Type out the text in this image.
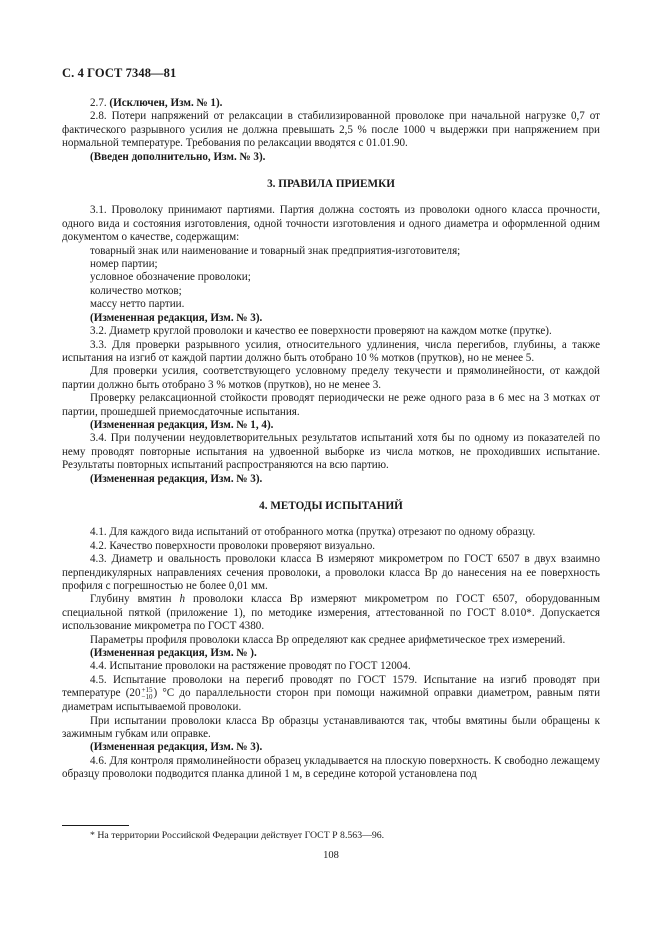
С. 4 ГОСТ 7348—81

2.7. (Исключен, Изм. № 1).

2.8. Потери напряжений от релаксации в стабилизированной проволоке при начальной нагрузке 0,7 от фактического разрывного усилия не должна превышать 2,5 % после 1000 ч выдержки при напряжением при нормальной температуре. Требования по релаксации вводятся с 01.01.90.

(Введен дополнительно, Изм. № 3).

3. ПРАВИЛА ПРИЕМКИ

3.1. Проволоку принимают партиями. Партия должна состоять из проволоки одного класса прочности, одного вида и состояния изготовления, одной точности изготовления и одного диаметра и оформленной одним документом о качестве, содержащим:

товарный знак или наименование и товарный знак предприятия-изготовителя;

номер партии;

условное обозначение проволоки;

количество мотков;

массу нетто партии.

(Измененная редакция, Изм. № 3).

3.2. Диаметр круглой проволоки и качество ее поверхности проверяют на каждом мотке (прутке).

3.3. Для проверки разрывного усилия, относительного удлинения, числа перегибов, глубины, а также испытания на изгиб от каждой партии должно быть отобрано 10 % мотков (прутков), но не менее 5.

Для проверки усилия, соответствующего условному пределу текучести и прямолинейности, от каждой партии должно быть отобрано 3 % мотков (прутков), но не менее 3.

Проверку релаксационной стойкости проводят периодически не реже одного раза в 6 мес на 3 мотках от партии, прошедшей приемосдаточные испытания.

(Измененная редакция, Изм. № 1, 4).

3.4. При получении неудовлетворительных результатов испытаний хотя бы по одному из показателей по нему проводят повторные испытания на удвоенной выборке из числа мотков, не проходивших испытание. Результаты повторных испытаний распространяются на всю партию.

(Измененная редакция, Изм. № 3).

4. МЕТОДЫ ИСПЫТАНИЙ

4.1. Для каждого вида испытаний от отобранного мотка (прутка) отрезают по одному образцу.

4.2. Качество поверхности проволоки проверяют визуально.

4.3. Диаметр и овальность проволоки класса В измеряют микрометром по ГОСТ 6507 в двух взаимно перпендикулярных направлениях сечения проволоки, а проволоки класса Вр до нанесения на ее поверхность профиля с погрешностью не более 0,01 мм.

Глубину вмятин h проволоки класса Вр измеряют микрометром по ГОСТ 6507, оборудованным специальной пяткой (приложение 1), по методике измерения, аттестованной по ГОСТ 8.010*. Допускается использование микрометра по ГОСТ 4380.

Параметры профиля проволоки класса Вр определяют как среднее арифметическое трех измерений.

(Измененная редакция, Изм. № ).

4.4. Испытание проволоки на растяжение проводят по ГОСТ 12004.

4.5. Испытание проволоки на перегиб проводят по ГОСТ 1579. Испытание на изгиб проводят при

температуре (20+15
−10) °С до параллельности сторон при помощи нажимной оправки диаметром, равным пяти диаметрам испытываемой проволоки.

При испытании проволоки класса Вр образцы устанавливаются так, чтобы вмятины были обращены к зажимным губкам или оправке.

(Измененная редакция, Изм. № 3).

4.6. Для контроля прямолинейности образец укладывается на плоскую поверхность. К свободно лежащему образцу проволоки подводится планка длиной 1 м, в середине которой установлена под

* На территории Российской Федерации действует ГОСТ Р 8.563—96.
108
